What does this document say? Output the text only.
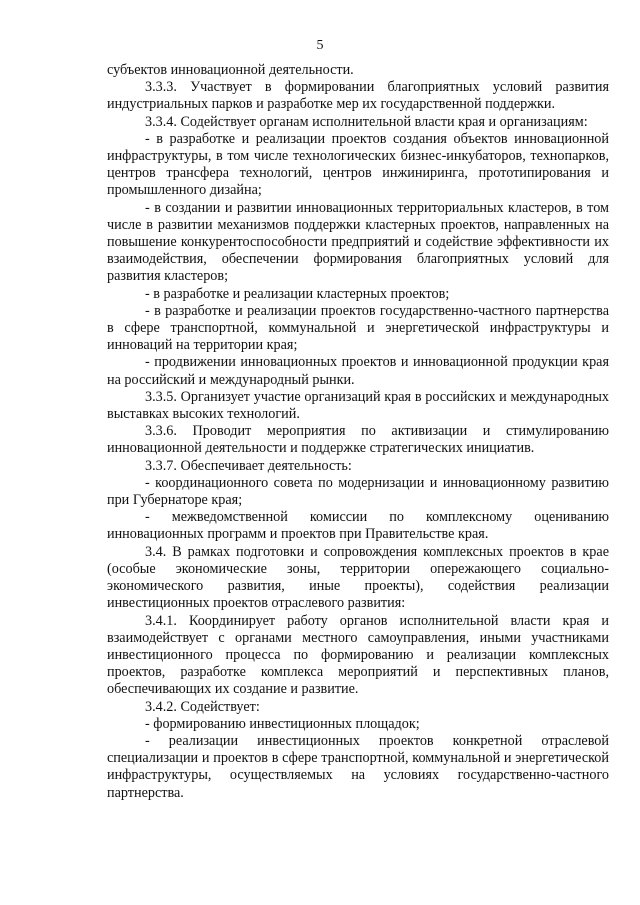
5

субъектов инновационной деятельности.

3.3.3. Участвует в формировании благоприятных условий развития индустриальных парков и разработке мер их государственной поддержки.

3.3.4. Содействует органам исполнительной власти края и организациям:

- в разработке и реализации проектов создания объектов инновационной инфраструктуры, в том числе технологических бизнес-инкубаторов, технопарков, центров трансфера технологий, центров инжиниринга, прототипирования и промышленного дизайна;

- в создании и развитии инновационных территориальных кластеров, в том числе в развитии механизмов поддержки кластерных проектов, направленных на повышение конкурентоспособности предприятий и содействие эффективности их взаимодействия, обеспечении формирования благоприятных условий для развития кластеров;

- в разработке и реализации кластерных проектов;

- в разработке и реализации проектов государственно-частного партнерства в сфере транспортной, коммунальной и энергетической инфраструктуры и инноваций на территории края;

- продвижении инновационных проектов и инновационной продукции края на российский и международный рынки.

3.3.5. Организует участие организаций края в российских и международных выставках высоких технологий.

3.3.6. Проводит мероприятия по активизации и стимулированию инновационной деятельности и поддержке стратегических инициатив.

3.3.7. Обеспечивает деятельность:

- координационного совета по модернизации и инновационному развитию при Губернаторе края;

- межведомственной комиссии по комплексному оцениванию инновационных программ и проектов при Правительстве края.

3.4. В рамках подготовки и сопровождения комплексных проектов в крае (особые экономические зоны, территории опережающего социально-экономического развития, иные проекты), содействия реализации инвестиционных проектов отраслевого развития:

3.4.1. Координирует работу органов исполнительной власти края и взаимодействует с органами местного самоуправления, иными участниками инвестиционного процесса по формированию и реализации комплексных проектов, разработке комплекса мероприятий и перспективных планов, обеспечивающих их создание и развитие.

3.4.2. Содействует:

- формированию инвестиционных площадок;

- реализации инвестиционных проектов конкретной отраслевой специализации и проектов в сфере транспортной, коммунальной и энергетической инфраструктуры, осуществляемых на условиях государственно-частного партнерства.
